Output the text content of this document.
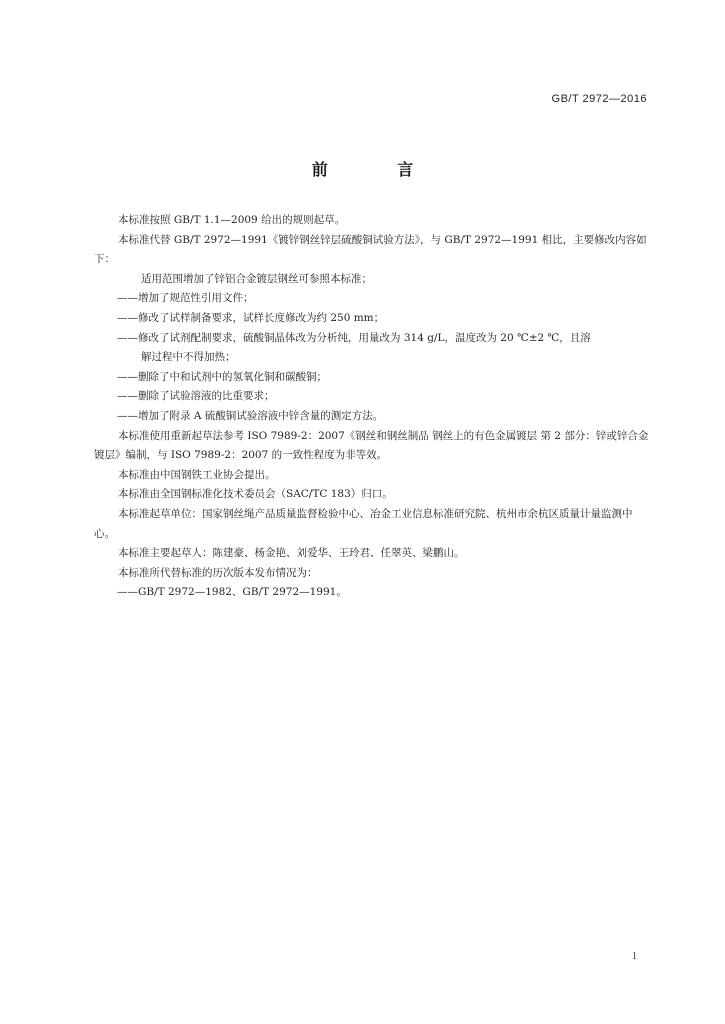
GB/T 2972—2016
前 言

本标准按照 GB/T 1.1—2009 给出的规则起草。

本标准代替 GB/T 2972—1991《镀锌钢丝锌层硫酸铜试验方法》，与 GB/T 2972—1991 相比，主要修改内容如下：

适用范围增加了锌铝合金镀层钢丝可参照本标准；

——增加了规范性引用文件；

——修改了试样制备要求，试样长度修改为约 250 mm；

——修改了试剂配制要求，硫酸铜晶体改为分析纯，用量改为 314 g/L，温度改为 20 ℃±2 ℃，且溶
解过程中不得加热；

——删除了中和试剂中的氢氧化铜和碳酸铜；

——删除了试验溶液的比重要求；

——增加了附录 A 硫酸铜试验溶液中锌含量的测定方法。

本标准使用重新起草法参考 ISO 7989-2：2007《钢丝和钢丝制品 钢丝上的有色金属镀层 第 2 部分：锌或锌合金镀层》编制，与 ISO 7989-2：2007 的一致性程度为非等效。

本标准由中国钢铁工业协会提出。

本标准由全国钢标准化技术委员会（SAC/TC 183）归口。

本标准起草单位：国家钢丝绳产品质量监督检验中心、冶金工业信息标准研究院、杭州市余杭区质量计量监测中心。

本标准主要起草人：陈建豪、杨金艳、刘爱华、王玲君、任翠英、梁鹏山。

本标准所代替标准的历次版本发布情况为：

——GB/T 2972—1982、GB/T 2972—1991。

1
